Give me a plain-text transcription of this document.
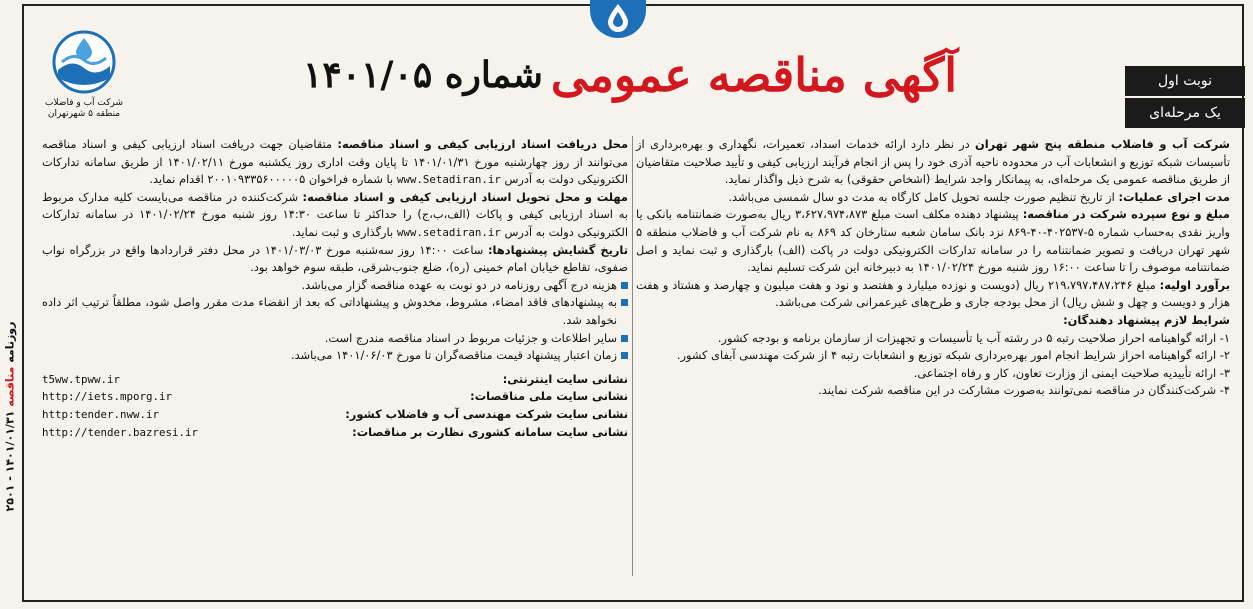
آگهی مناقصه عمومی
شماره ۱۴۰۱/۰۵	نوبت اول
یک مرحله‌ای
شرکت آب و فاضلاب
منطقه ۵ شهرتهران

شرکت آب و فاضلاب منطقه پنج شهر تهران در نظر دارد ارائه خدمات اسداد، تعمیرات، نگهداری و بهره‌برداری از تأسیسات شبکه توزیع و انشعابات آب در محدوده ناحیه آذری خود را پس از انجام فرآیند ارزیابی کیفی و تأیید صلاحیت متقاضیان از طریق مناقصه عمومی یک مرحله‌ای، به پیمانکار واجد شرایط (اشخاص حقوقی) به شرح ذیل واگذار نماید.

مدت اجرای عملیات: از تاریخ تنظیم صورت جلسه تحویل کامل کارگاه به مدت دو سال شمسی می‌باشد.

مبلغ و نوع سپرده شرکت در مناقصه: پیشنهاد دهنده مکلف است مبلغ ۳،۶۲۷،۹۷۴،۸۷۳ ریال به‌صورت ضمانتنامه بانکی یا واریز نقدی به‌حساب شماره ۵-۴۰۲۵۳۷-۴۰-۸۶۹ نزد بانک سامان شعبه ستارخان کد ۸۶۹ به نام شرکت آب و فاضلاب منطقه ۵ شهر تهران دریافت و تصویر ضمانتنامه را در سامانه تدارکات الکترونیکی دولت در پاکت (الف) بارگذاری و ثبت نماید و اصل ضمانتنامه موصوف را تا ساعت ۱۶:۰۰ روز شنبه مورخ ۱۴۰۱/۰۲/۲۴ به دبیرخانه این شرکت تسلیم نماید.

برآورد اولیه: مبلغ ۲۱۹،۷۹۷،۴۸۷،۲۴۶ ریال (دویست و نوزده میلیارد و هفتصد و نود و هفت میلیون و چهارصد و هشتاد و هفت هزار و دویست و چهل و شش ریال) از محل بودجه جاری و طرح‌های غیرعمرانی شرکت می‌باشد.

شرایط لازم پیشنهاد دهندگان:

۱- ارائه گواهینامه احراز صلاحیت رتبه ۵ در رشته آب یا تأسیسات و تجهیزات از سازمان برنامه و بودجه کشور.

۲- ارائه گواهینامه احراز شرایط انجام امور بهره‌برداری شبکه توزیع و انشعابات رتبه ۴ از شرکت مهندسی آبفای کشور.

۳- ارائه تأییدیه صلاحیت ایمنی از وزارت تعاون، کار و رفاه اجتماعی.

۴- شرکت‌کنندگان در مناقصه نمی‌توانند به‌صورت مشارکت در این مناقصه شرکت نمایند.

محل دریافت اسناد ارزیابی کیفی و اسناد مناقصه: متقاضیان جهت دریافت اسناد ارزیابی کیفی و اسناد مناقصه می‌توانند از روز چهارشنبه مورخ ۱۴۰۱/۰۱/۳۱ تا پایان وقت اداری روز یکشنبه مورخ ۱۴۰۱/۰۲/۱۱ از طریق سامانه تدارکات الکترونیکی دولت به آدرس www.Setadiran.ir با شماره فراخوان ۲۰۰۱۰۹۳۳۵۶۰۰۰۰۰۵ اقدام نماید.

مهلت و محل تحویل اسناد ارزیابی کیفی و اسناد مناقصه: شرکت‌کننده در مناقصه می‌بایست کلیه مدارک مربوط به اسناد ارزیابی کیفی و پاکات (الف،ب،ج) را حداکثر تا ساعت ۱۴:۳۰ روز شنبه مورخ ۱۴۰۱/۰۲/۲۴ در سامانه تدارکات الکترونیکی دولت به آدرس www.setadiran.ir بارگذاری و ثبت نماید.

تاریخ گشایش پیشنهادها: ساعت ۱۴:۰۰ روز سه‌شنبه مورخ ۱۴۰۱/۰۳/۰۳ در محل دفتر قراردادها واقع در بزرگراه نواب صفوی، تقاطع خیابان امام خمینی (ره)، ضلع جنوب‌شرقی، طبقه سوم خواهد بود.

هزینه درج آگهی روزنامه در دو نوبت به عهده مناقصه گزار می‌باشد.
به پیشنهادهای فاقد امضاء، مشروط، مخدوش و پیشنهاداتی که بعد از انقضاء مدت مقرر واصل شود، مطلقاً ترتیب اثر داده نخواهد شد.
سایر اطلاعات و جزئیات مربوط در اسناد مناقصه مندرج است.
زمان اعتبار پیشنهاد قیمت مناقصه‌گران تا مورخ ۱۴۰۱/۰۶/۰۳ می‌باشد.
نشانی سایت اینترنتی:
t5ww.tpww.ir
نشانی سایت ملی مناقصات:
http://iets.mporg.ir
نشانی سایت شرکت مهندسی آب و فاضلاب کشور:
http:tender.nww.ir
نشانی سایت سامانه کشوری نظارت بر مناقصات:
http://tender.bazresi.ir
روزنامه مناقصه ۱۴۰۱/۰۱/۳۱ - ۲۵۰۱
